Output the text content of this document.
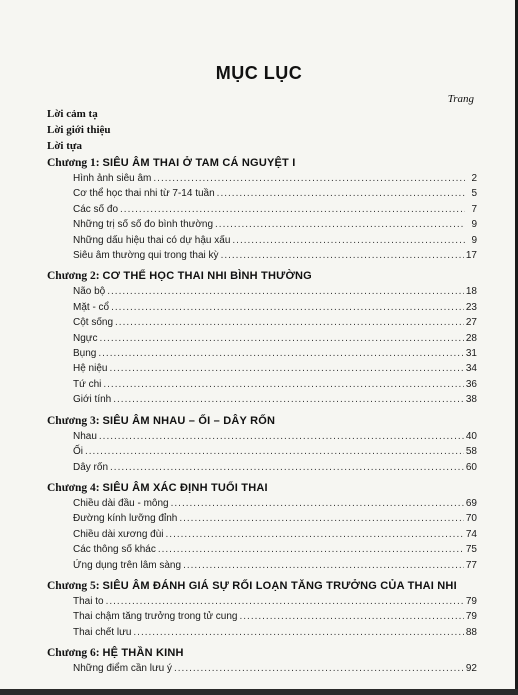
MỤC LỤC
Trang
Lời cảm tạ
Lời giới thiệu
Lời tựa
Chương 1: SIÊU ÂM THAI Ở TAM CÁ NGUYỆT I
Hình ảnh siêu âm .....	2
Cơ thể học thai nhi từ 7-14 tuần .....	5
Các số đo .....	7
Những trị số số đo bình thường .....	9
Những dấu hiệu thai có dự hậu xấu .....	9
Siêu âm thường qui trong thai kỳ .....	17
Chương 2: CƠ THỂ HỌC THAI NHI BÌNH THƯỜNG
Não bộ .....	18
Mặt - cổ .....	23
Cột sống .....	27
Ngực .....	28
Bụng .....	31
Hệ niệu .....	34
Tứ chi .....	36
Giới tính .....	38
Chương 3: SIÊU ÂM NHAU – ỐI – DÂY RỐN
Nhau .....	40
Ối .....	58
Dây rốn .....	60
Chương 4: SIÊU ÂM XÁC ĐỊNH TUỔI THAI
Chiều dài đầu - mông .....	69
Đường kính lưỡng đỉnh .....	70
Chiều dài xương đùi .....	74
Các thông số khác .....	75
Ứng dụng trên lâm sàng .....	77
Chương 5: SIÊU ÂM ĐÁNH GIÁ SỰ RỐI LOẠN TĂNG TRƯỞNG CỦA THAI NHI
Thai to .....	79
Thai chậm tăng trưởng trong tử cung .....	79
Thai chết lưu .....	88
Chương 6: HỆ THẦN KINH
Những điểm cần lưu ý .....	92
